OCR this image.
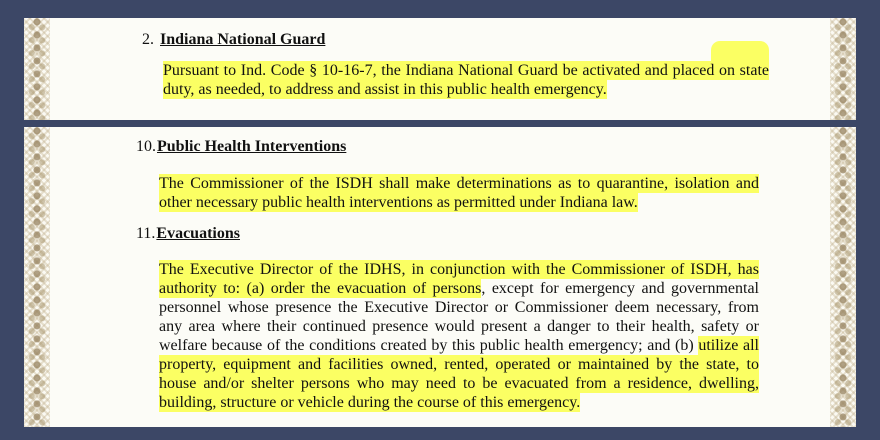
2. Indiana National Guard
Pursuant to Ind. Code § 10-16-7, the Indiana National Guard be activated and placed on state duty, as needed, to address and assist in this public health emergency.
10.Public Health Interventions
The Commissioner of the ISDH shall make determinations as to quarantine, isolation and other necessary public health interventions as permitted under Indiana law.
11.Evacuations
The Executive Director of the IDHS, in conjunction with the Commissioner of ISDH, has authority to: (a) order the evacuation of persons, except for emergency and governmental personnel whose presence the Executive Director or Commissioner deem necessary, from any area where their continued presence would present a danger to their health, safety or welfare because of the conditions created by this public health emergency; and (b) utilize all property, equipment and facilities owned, rented, operated or maintained by the state, to house and/or shelter persons who may need to be evacuated from a residence, dwelling, building, structure or vehicle during the course of this emergency.
